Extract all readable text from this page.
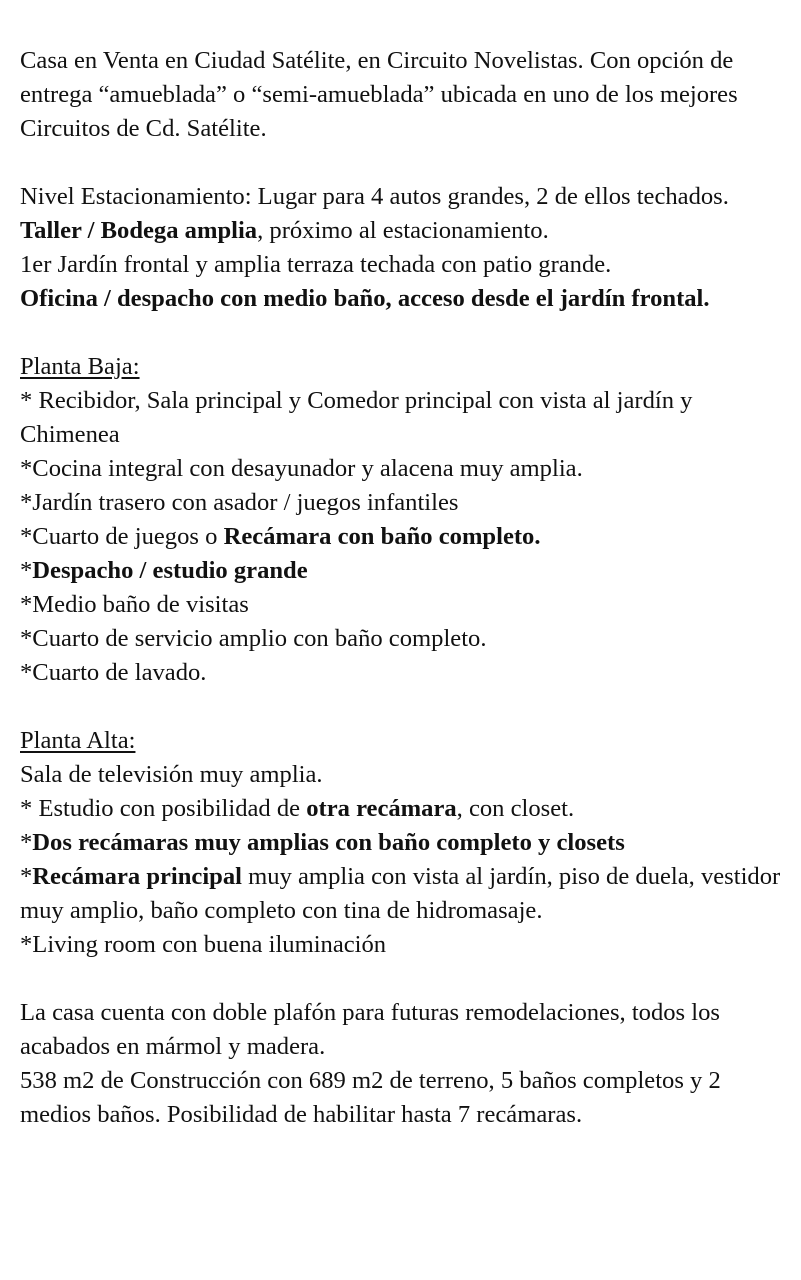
Casa en Venta en Ciudad Satélite, en Circuito Novelistas. Con opción de entrega “amueblada” o “semi-amueblada” ubicada en uno de los mejores Circuitos de Cd. Satélite.

Nivel Estacionamiento: Lugar para 4 autos grandes, 2 de ellos techados.

Taller / Bodega amplia, próximo al estacionamiento.

1er Jardín frontal y amplia terraza techada con patio grande.

Oficina / despacho con medio baño, acceso desde el jardín frontal.

Planta Baja:

* Recibidor, Sala principal y Comedor principal con vista al jardín y Chimenea

*Cocina integral con desayunador y alacena muy amplia.

*Jardín trasero con asador / juegos infantiles

*Cuarto de juegos o Recámara con baño completo.

*Despacho / estudio grande

*Medio baño de visitas

*Cuarto de servicio amplio con baño completo.

*Cuarto de lavado.

Planta Alta:

Sala de televisión muy amplia.

* Estudio con posibilidad de otra recámara, con closet.

*Dos recámaras muy amplias con baño completo y closets

*Recámara principal muy amplia con vista al jardín, piso de duela, vestidor muy amplio, baño completo con tina de hidromasaje.

*Living room con buena iluminación

La casa cuenta con doble plafón para futuras remodelaciones, todos los acabados en mármol y madera.

538 m2 de Construcción con 689 m2 de terreno, 5 baños completos y 2 medios baños. Posibilidad de habilitar hasta 7 recámaras.
